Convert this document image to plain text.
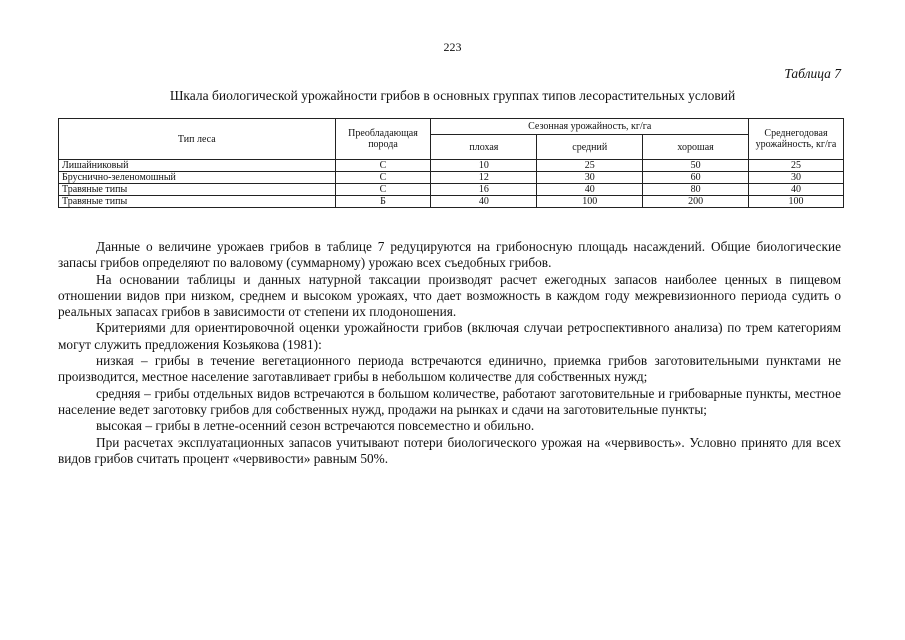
223
Таблица 7
Шкала биологической урожайности грибов в основных группах типов лесорастительных условий
Тип леса	Преобладающая порода	Сезонная урожайность, кг/га			Среднегодовая урожайность, кг/га
		плохая	средний	хорошая	
Лишайниковый	С	10	25	50	25
Бруснично-зеленомошный	С	12	30	60	30
Травяные типы	С	16	40	80	40
Травяные типы	Б	40	100	200	100

Данные о величине урожаев грибов в таблице 7 редуцируются на грибоносную площадь насаждений. Общие биологические запасы грибов определяют по валовому (суммарному) урожаю всех съедобных грибов.

На основании таблицы и данных натурной таксации производят расчет ежегодных запасов наиболее ценных в пищевом отношении видов при низком, среднем и высоком урожаях, что дает возможность в каждом году межревизионного периода судить о реальных запасах грибов в зависимости от степени их плодоношения.

Критериями для ориентировочной оценки урожайности грибов (включая случаи ретроспективного анализа) по трем категориям могут служить предложения Козьякова (1981):

низкая – грибы в течение вегетационного периода встречаются единично, приемка грибов заготовительными пунктами не производится, местное население заготавливает грибы в небольшом количестве для собственных нужд;

средняя – грибы отдельных видов встречаются в большом количестве, работают заготовительные и грибоварные пункты, местное население ведет заготовку грибов для собственных нужд, продажи на рынках и сдачи на заготовительные пункты;

высокая – грибы в летне-осенний сезон встречаются повсеместно и обильно.

При расчетах эксплуатационных запасов учитывают потери биологического урожая на «червивость». Условно принято для всех видов грибов считать процент «червивости» равным 50%.
